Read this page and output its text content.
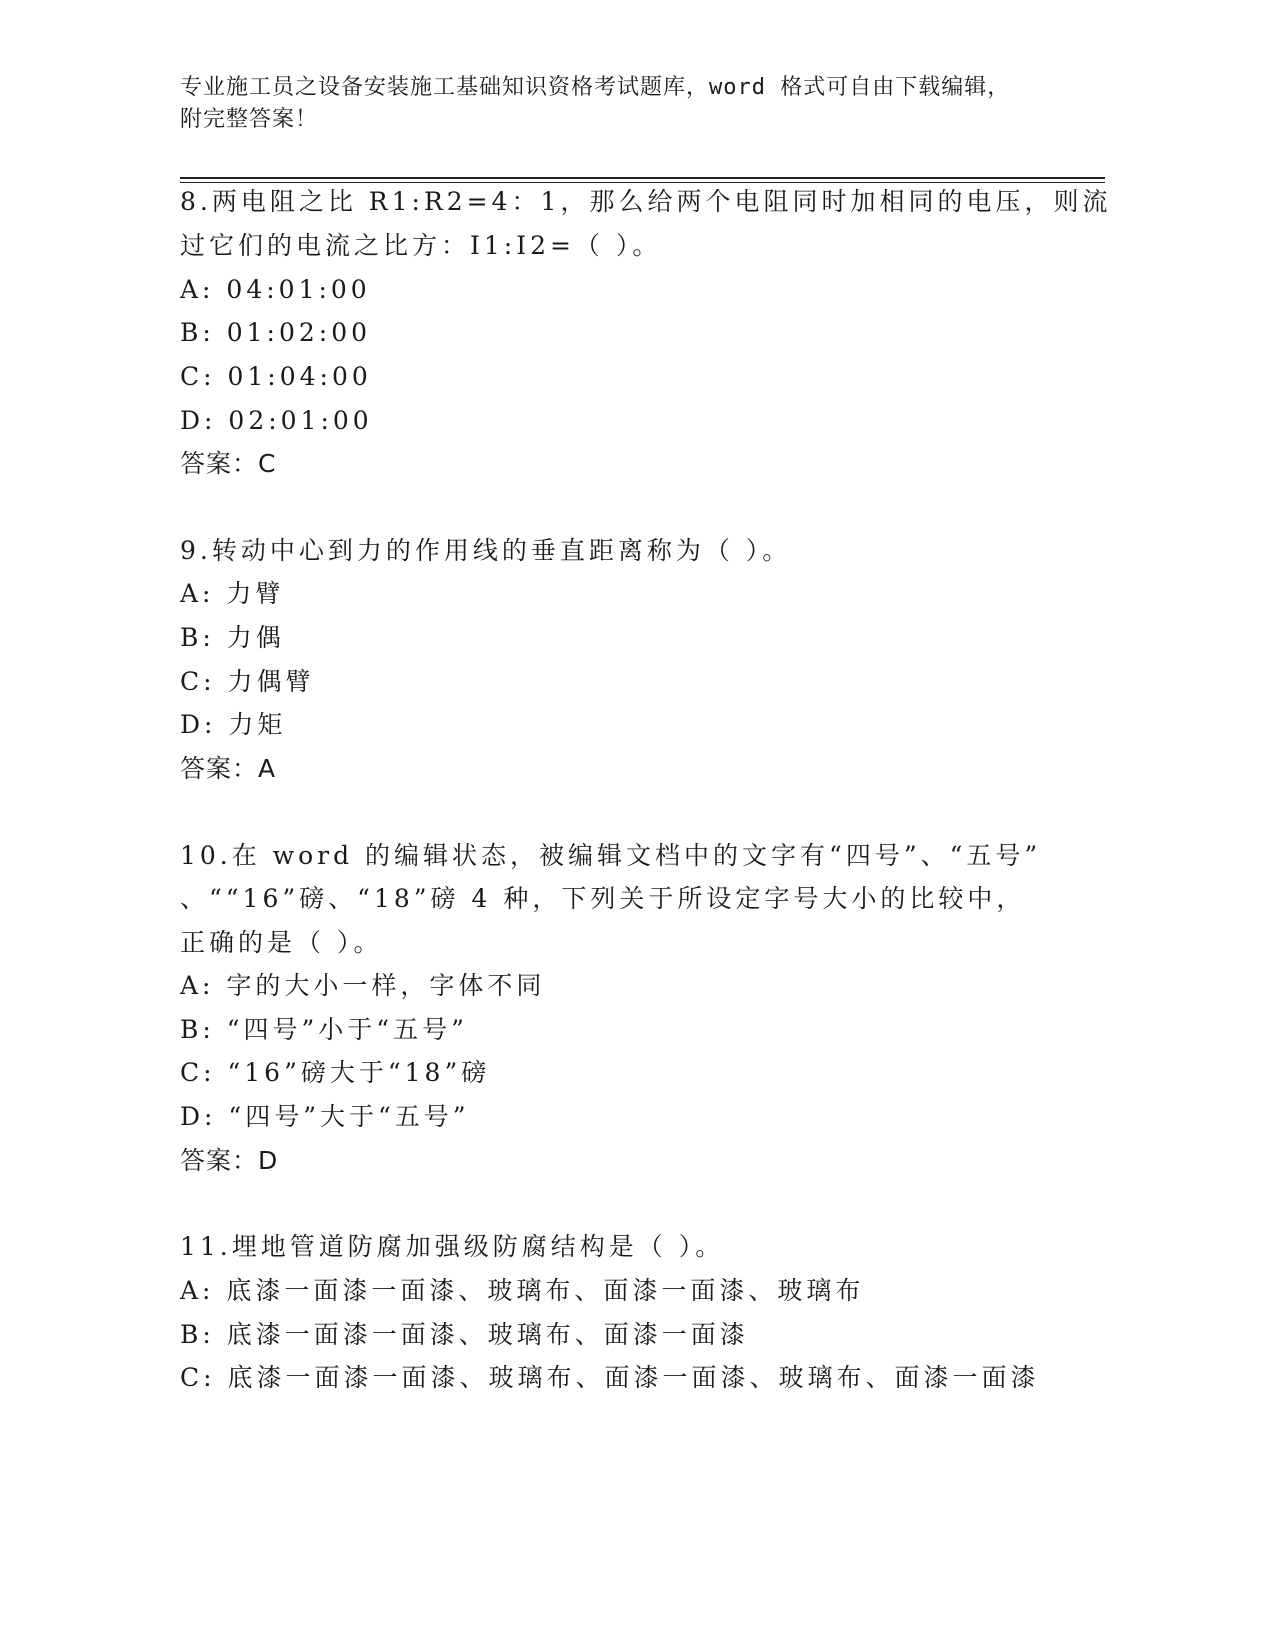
专业施工员之设备安装施工基础知识资格考试题库，word 格式可自由下载编辑，
附完整答案！
8.两电阻之比 R1:R2=4：1，那么给两个电阻同时加相同的电压，则流
过它们的电流之比方：I1:I2=（ ）。
A: 04:01:00
B: 01:02:00
C: 01:04:00
D: 02:01:00
答案：C
9.转动中心到力的作用线的垂直距离称为（ ）。
A: 力臂
B: 力偶
C: 力偶臂
D: 力矩
答案：A
10.在 word 的编辑状态，被编辑文档中的文字有“四号”、“五号”
、““16”磅、“18”磅 4 种，下列关于所设定字号大小的比较中，
正确的是（ ）。
A: 字的大小一样，字体不同
B: “四号”小于“五号”
C: “16”磅大于“18”磅
D: “四号”大于“五号”
答案：D
11.埋地管道防腐加强级防腐结构是（ ）。
A: 底漆一面漆一面漆、玻璃布、面漆一面漆、玻璃布
B: 底漆一面漆一面漆、玻璃布、面漆一面漆
C: 底漆一面漆一面漆、玻璃布、面漆一面漆、玻璃布、面漆一面漆
